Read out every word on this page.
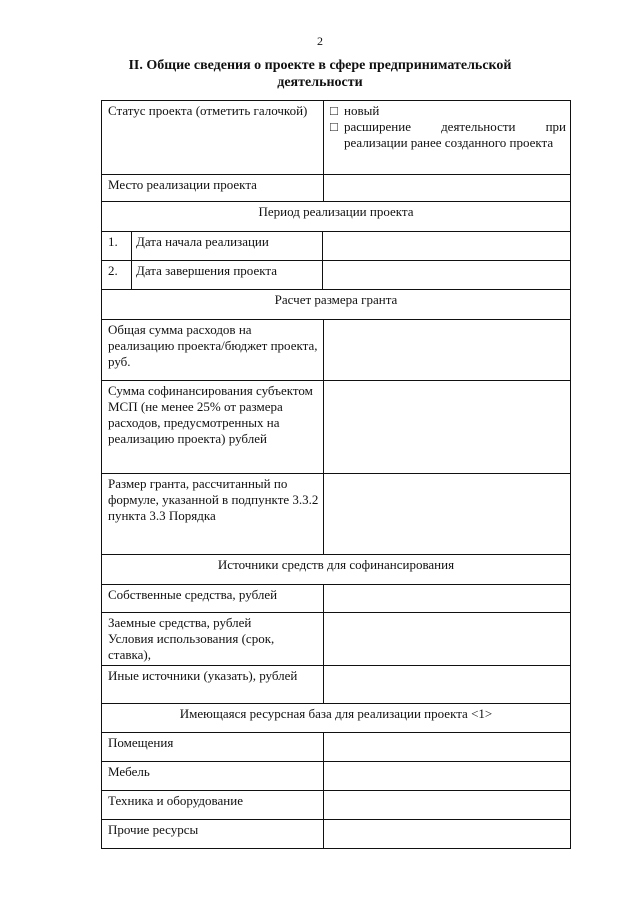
2
II. Общие сведения о проекте в сфере предпринимательской
деятельности
Статус проекта (отметить галочкой)	□ новый
□ расширение деятельности при реализации ранее созданного проекта
Место реализации проекта
Период реализации проекта
1.	Дата начала реализации
2.	Дата завершения проекта
Расчет размера гранта
Общая сумма расходов на реализацию проекта/бюджет проекта, руб.
Сумма софинансирования субъектом МСП (не менее 25% от размера расходов, предусмотренных на реализацию проекта) рублей
Размер гранта, рассчитанный по формуле, указанной в подпункте 3.3.2 пункта 3.3 Порядка
Источники средств для софинансирования
Собственные средства, рублей
Заемные средства, рублей
Условия использования (срок, ставка),
Иные источники (указать), рублей
Имеющаяся ресурсная база для реализации проекта <1>
Помещения
Мебель
Техника и оборудование
Прочие ресурсы
